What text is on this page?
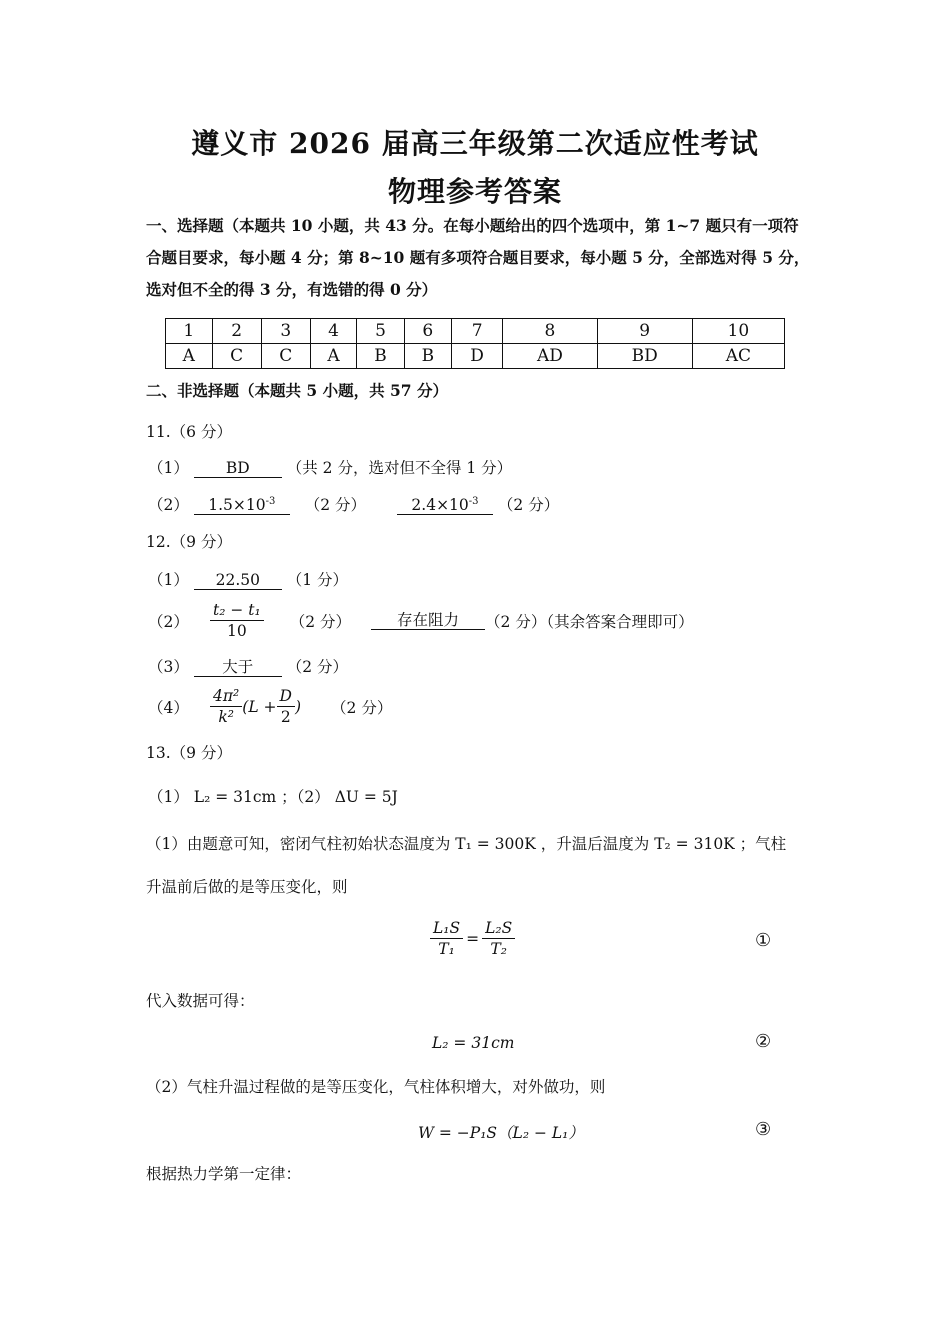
遵义市 2026 届高三年级第二次适应性考试
物理参考答案
一、选择题（本题共 10 小题，共 43 分。在每小题给出的四个选项中，第 1~7 题只有一项符
合题目要求，每小题 4 分；第 8~10 题有多项符合题目要求，每小题 5 分，全部选对得 5 分，
选对但不全的得 3 分，有选错的得 0 分）
1	2	3	4	5	6	7	8	9	10
A	C	C	A	B	B	D	AD	BD	AC
二、非选择题（本题共 5 小题，共 57 分）
11.（6 分）
（1） BD （共 2 分，选对但不全得 1 分）
（2） $1.5\times 10^{-3}$ （2 分）	$2.4\times 10^{-3}$ （2 分）
12.（9 分）
（1） 22.50 （1 分）
（2）	$\frac{\text{t₂ − t₁}}{10} (2$ 分）	存在阻力	（2 分）（其余答案合理即可）
（3） 大于 （2 分）
（4）	$\frac{\text{4π²}}{\text{k²}} (L + \frac{D}{2}$ ) （2 分）
13.（9 分）
（1） L₂ = 31cm ；（2） ΔU = 5J
（1）由题意可知，密闭气柱初始状态温度为 T₁ = 300K ，升温后温度为 T₂ = 310K ；气柱
升温前后做的是等压变化，则
$\frac{\text{L₁S}}{\text{T₁}} = \frac{\text{L₂S}}{\text{T₂}}$	①
代入数据可得：
L₂ = 31cm	②
（2）气柱升温过程做的是等压变化，气柱体积增大，对外做功，则
W = −P₁S（L₂ − L₁）	③
根据热力学第一定律：
